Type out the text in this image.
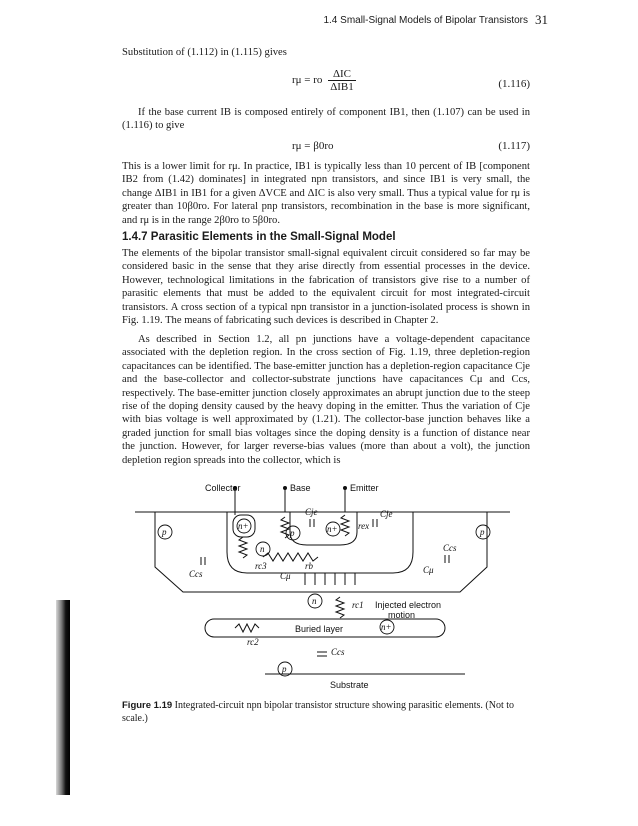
1.4 Small-Signal Models of Bipolar Transistors 31

Substitution of (1.112) in (1.115) gives

rμ = ro $\frac{\text{ΔIC}}{\text{ΔIB1}}$	(1.116)

If the base current IB is composed entirely of component IB1, then (1.107) can be used in (1.116) to give

rμ = β0ro	(1.117)

This is a lower limit for rμ. In practice, IB1 is typically less than 10 percent of IB [component IB2 from (1.42) dominates] in integrated npn transistors, and since IB1 is very small, the change ΔIB1 in IB1 for a given ΔVCE and ΔIC is also very small. Thus a typical value for rμ is greater than 10β0ro. For lateral pnp transistors, recombination in the base is more significant, and rμ is in the range 2β0ro to 5β0ro.

1.4.7 Parasitic Elements in the Small-Signal Model

The elements of the bipolar transistor small-signal equivalent circuit considered so far may be considered basic in the sense that they arise directly from essential processes in the device. However, technological limitations in the fabrication of transistors give rise to a number of parasitic elements that must be added to the equivalent circuit for most integrated-circuit transistors. A cross section of a typical npn transistor in a junction-isolated process is shown in Fig. 1.19. The means of fabricating such devices is described in Chapter 2.

As described in Section 1.2, all pn junctions have a voltage-dependent capacitance associated with the depletion region. In the cross section of Fig. 1.19, three depletion-region capacitances can be identified. The base-emitter junction has a depletion-region capacitance Cje and the base-collector and collector-substrate junctions have capacitances Cμ and Ccs, respectively. The base-emitter junction closely approximates an abrupt junction due to the steep rise of the doping density caused by the heavy doping in the emitter. Thus the variation of Cje with bias voltage is well approximated by (1.21). The collector-base junction behaves like a graded junction for small bias voltages since the doping density is a function of distance near the junction. However, for larger reverse-bias values (more than about a volt), the junction depletion region spreads into the collector, which is

Collector	Base	Emitter
p	p
n+
p	n+
n
n
n+
p
Cje	Cje
rex
rb
rc3
Cμ
Cμ
Ccs
Ccs
Ccs
rc1
rc2
Injected electron
motion
Buried layer
Substrate

Figure 1.19 Integrated-circuit npn bipolar transistor structure showing parasitic elements. (Not to scale.)
